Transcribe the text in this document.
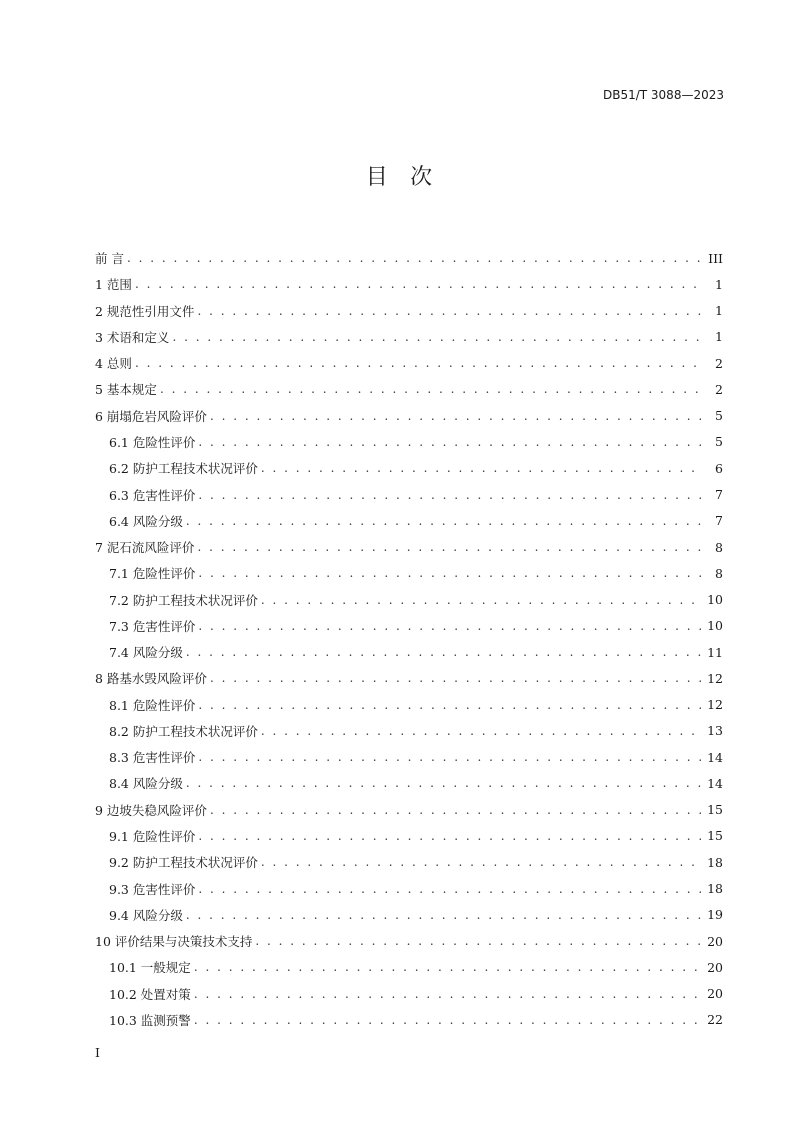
DB51/T 3088—2023
目 次
前 言 . . .	III
1 范围 . . .	1
2 规范性引用文件 . . .	1
3 术语和定义 . . .	1
4 总则 . . .	2
5 基本规定 . . .	2
6 崩塌危岩风险评价 . . .	5
6.1 危险性评价 . . .	5
6.2 防护工程技术状况评价 . . .	6
6.3 危害性评价 . . .	7
6.4 风险分级 . . .	7
7 泥石流风险评价 . . .	8
7.1 危险性评价 . . .	8
7.2 防护工程技术状况评价 . . .	10
7.3 危害性评价 . . .	10
7.4 风险分级 . . .	11
8 路基水毁风险评价 . . .	12
8.1 危险性评价 . . .	12
8.2 防护工程技术状况评价 . . .	13
8.3 危害性评价 . . .	14
8.4 风险分级 . . .	14
9 边坡失稳风险评价 . . .	15
9.1 危险性评价 . . .	15
9.2 防护工程技术状况评价 . . .	18
9.3 危害性评价 . . .	18
9.4 风险分级 . . .	19
10 评价结果与决策技术支持 . . .	20
10.1 一般规定 . . .	20
10.2 处置对策 . . .	20
10.3 监测预警 . . .	22
I
